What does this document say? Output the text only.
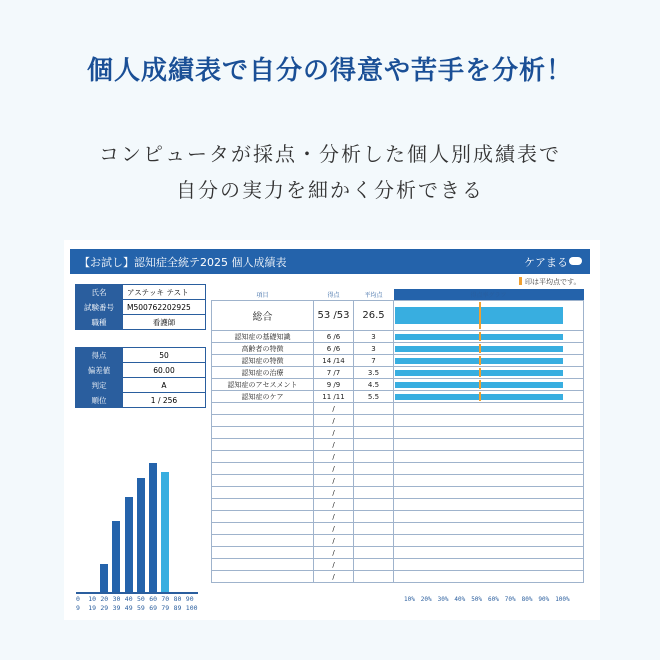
個人成績表で自分の得意や苦手を分析！
コンピュータが採点・分析した個人別成績表で
自分の実力を細かく分析できる
【お試し】認知症全統テ2025 個人成績表	ケアまる
印は平均点です。
氏名	アステッキ テスト
試験番号	M500762202925
職種	看護師
得点	50
偏差値	60.00
判定	A
順位	1 / 256
0
9
10
19
20
29
30
39
40
49
50
59
60
69
70
79
80
89
90
100
項目	得点	平均点	得点率グラフ
総合	53 /53	26.5	

認知症の基礎知識	6 /6	3	

高齢者の特徴	6 /6	3	

認知症の特徴	14 /14	7	

認知症の治療	7 /7	3.5	

認知症のアセスメント	9 /9	4.5	

認知症のケア	11 /11	5.5	

	/		
	/		
	/		
	/		
	/		
	/		
	/		
	/		
	/		
	/		
	/		
	/		
	/		
	/		
	/		
10% 20% 30% 40% 50% 60% 70% 80% 90% 100%
